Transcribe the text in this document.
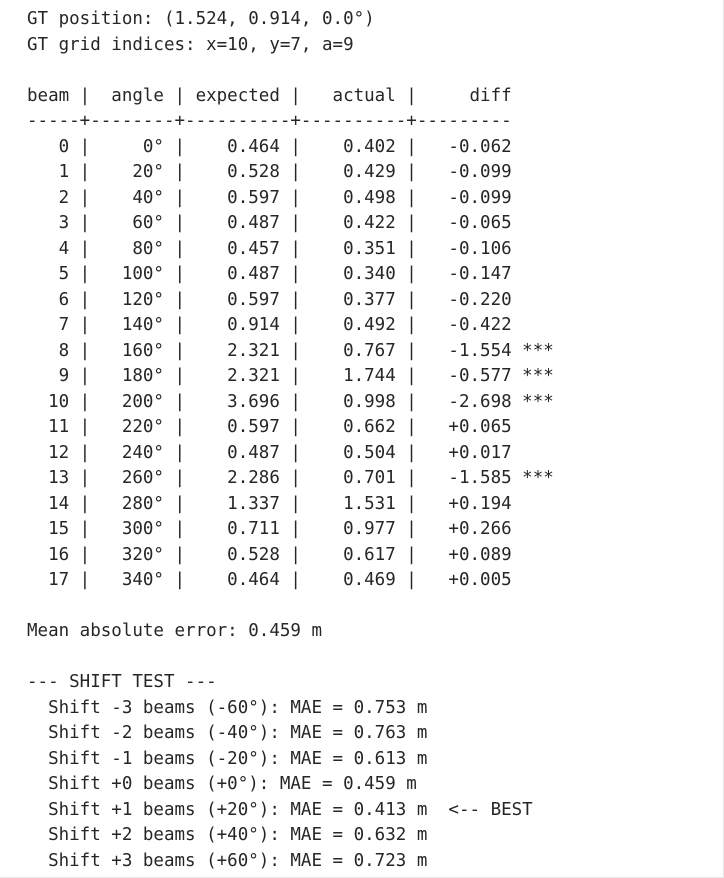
GT position: (1.524, 0.914, 0.0°)
GT grid indices: x=10, y=7, a=9

beam |  angle | expected |   actual |     diff
-----+--------+----------+----------+---------
0 |     0° |    0.464 |    0.402 |   -0.062
1 |    20° |    0.528 |    0.429 |   -0.099
2 |    40° |    0.597 |    0.498 |   -0.099
3 |    60° |    0.487 |    0.422 |   -0.065
4 |    80° |    0.457 |    0.351 |   -0.106
5 |   100° |    0.487 |    0.340 |   -0.147
6 |   120° |    0.597 |    0.377 |   -0.220
7 |   140° |    0.914 |    0.492 |   -0.422
8 |   160° |    2.321 |    0.767 |   -1.554 ***
9 |   180° |    2.321 |    1.744 |   -0.577 ***
10 |   200° |    3.696 |    0.998 |   -2.698 ***
11 |   220° |    0.597 |    0.662 |   +0.065
12 |   240° |    0.487 |    0.504 |   +0.017
13 |   260° |    2.286 |    0.701 |   -1.585 ***
14 |   280° |    1.337 |    1.531 |   +0.194
15 |   300° |    0.711 |    0.977 |   +0.266
16 |   320° |    0.528 |    0.617 |   +0.089
17 |   340° |    0.464 |    0.469 |   +0.005

Mean absolute error: 0.459 m

--- SHIFT TEST ---
Shift -3 beams (-60°): MAE = 0.753 m
Shift -2 beams (-40°): MAE = 0.763 m
Shift -1 beams (-20°): MAE = 0.613 m
Shift +0 beams (+0°): MAE = 0.459 m
Shift +1 beams (+20°): MAE = 0.413 m  <-- BEST
Shift +2 beams (+40°): MAE = 0.632 m
Shift +3 beams (+60°): MAE = 0.723 m
